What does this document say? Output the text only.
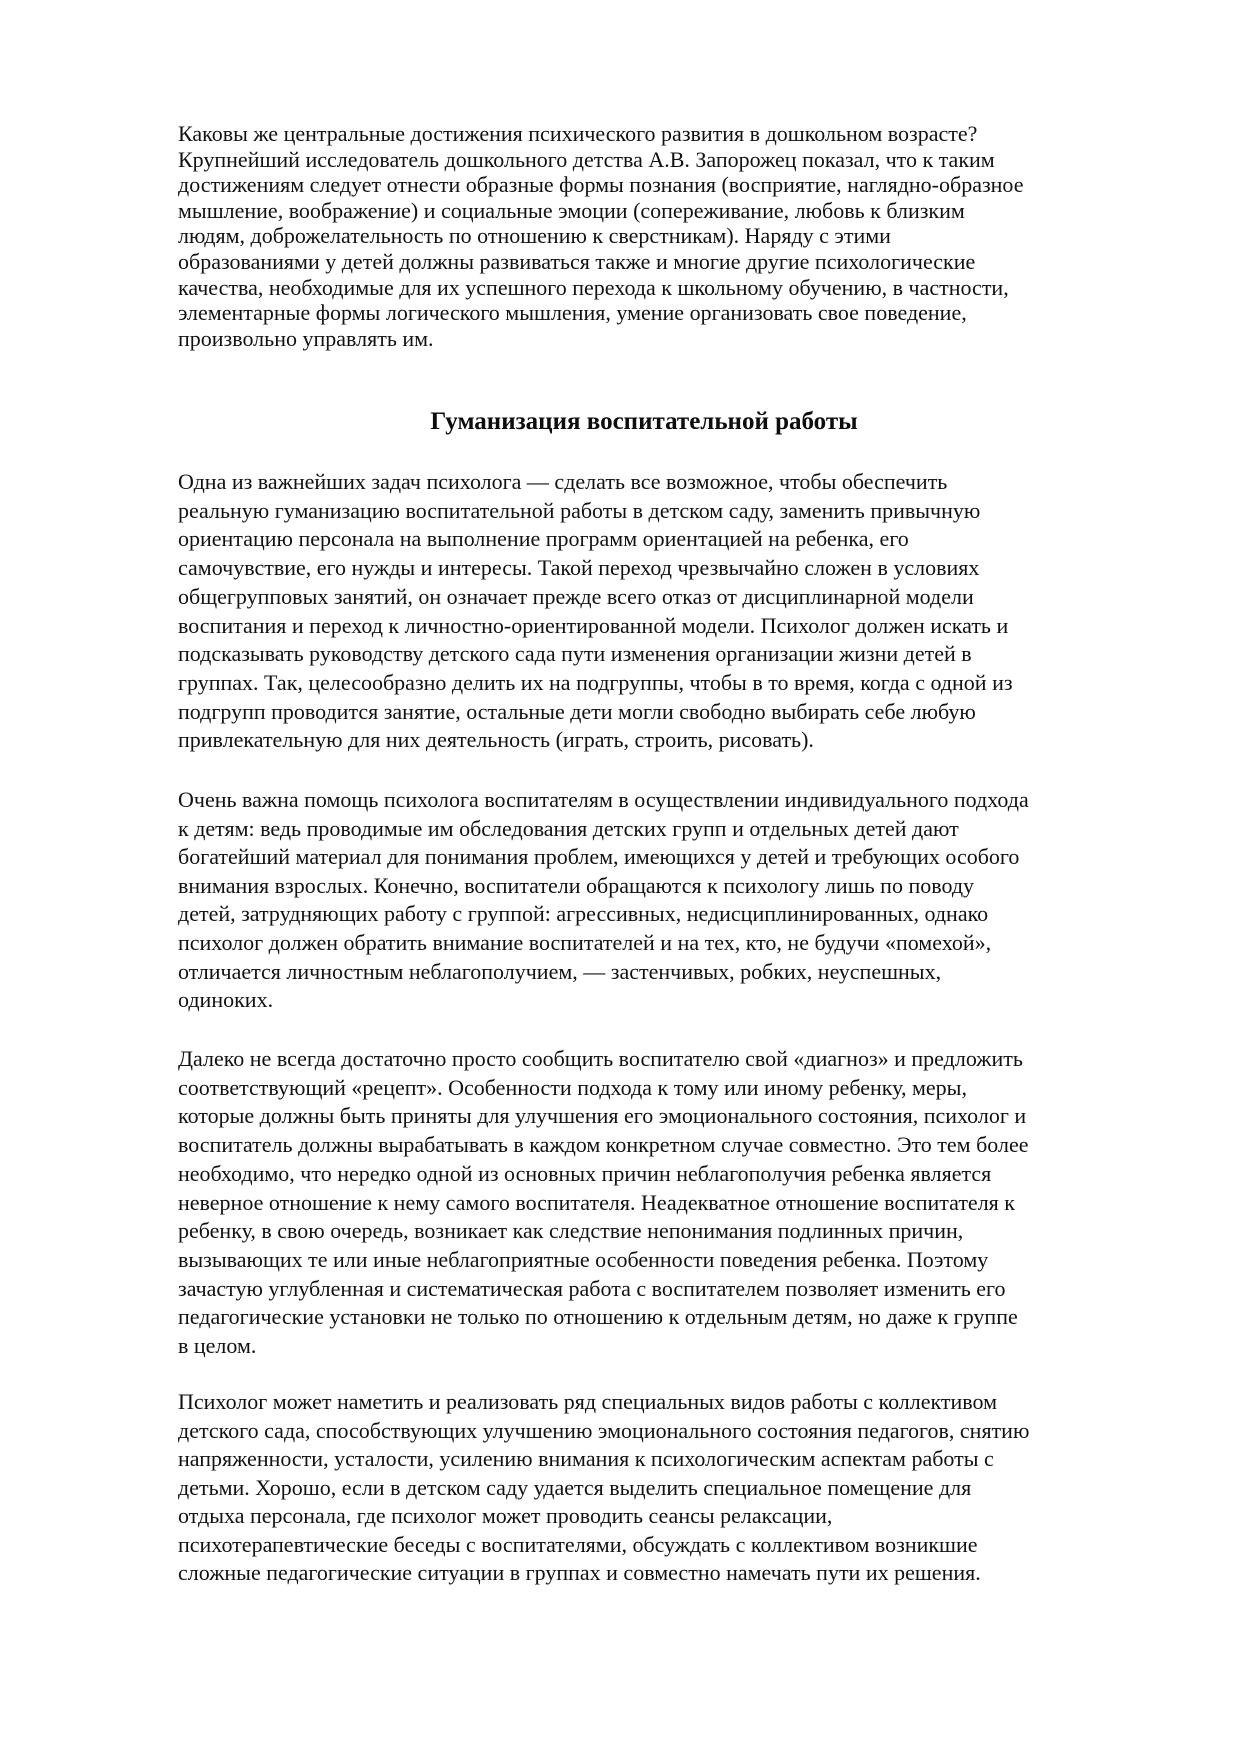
Каковы же центральные достижения психического развития в дошкольном возрасте?
Крупнейший исследователь дошкольного детства А.В. Запорожец показал, что к таким
достижениям следует отнести образные формы познания (восприятие, наглядно-образное
мышление, воображение) и социальные эмоции (сопереживание, любовь к близким
людям, доброжелательность по отношению к сверстникам). Наряду с этими
образованиями у детей должны развиваться также и многие другие психологические
качества, необходимые для их успешного перехода к школьному обучению, в частности,
элементарные формы логического мышления, умение организовать свое поведение,
произвольно управлять им.
Гуманизация воспитательной работы
Одна из важнейших задач психолога — сделать все возможное, чтобы обеспечить
реальную гуманизацию воспитательной работы в детском саду, заменить привычную
ориентацию персонала на выполнение программ ориентацией на ребенка, его
самочувствие, его нужды и интересы. Такой переход чрезвычайно сложен в условиях
общегрупповых занятий, он означает прежде всего отказ от дисциплинарной модели
воспитания и переход к личностно-ориентированной модели. Психолог должен искать и
подсказывать руководству детского сада пути изменения организации жизни детей в
группах. Так, целесообразно делить их на подгруппы, чтобы в то время, когда с одной из
подгрупп проводится занятие, остальные дети могли свободно выбирать себе любую
привлекательную для них деятельность (играть, строить, рисовать).
Очень важна помощь психолога воспитателям в осуществлении индивидуального подхода
к детям: ведь проводимые им обследования детских групп и отдельных детей дают
богатейший материал для понимания проблем, имеющихся у детей и требующих особого
внимания взрослых. Конечно, воспитатели обращаются к психологу лишь по поводу
детей, затрудняющих работу с группой: агрессивных, недисциплинированных, однако
психолог должен обратить внимание воспитателей и на тех, кто, не будучи «помехой»,
отличается личностным неблагополучием, — застенчивых, робких, неуспешных,
одиноких.
Далеко не всегда достаточно просто сообщить воспитателю свой «диагноз» и предложить
соответствующий «рецепт». Особенности подхода к тому или иному ребенку, меры,
которые должны быть приняты для улучшения его эмоционального состояния, психолог и
воспитатель должны вырабатывать в каждом конкретном случае совместно. Это тем более
необходимо, что нередко одной из основных причин неблагополучия ребенка является
неверное отношение к нему самого воспитателя. Неадекватное отношение воспитателя к
ребенку, в свою очередь, возникает как следствие непонимания подлинных причин,
вызывающих те или иные неблагоприятные особенности поведения ребенка. Поэтому
зачастую углубленная и систематическая работа с воспитателем позволяет изменить его
педагогические установки не только по отношению к отдельным детям, но даже к группе
в целом.
Психолог может наметить и реализовать ряд специальных видов работы с коллективом
детского сада, способствующих улучшению эмоционального состояния педагогов, снятию
напряженности, усталости, усилению внимания к психологическим аспектам работы с
детьми. Хорошо, если в детском саду удается выделить специальное помещение для
отдыха персонала, где психолог может проводить сеансы релаксации,
психотерапевтические беседы с воспитателями, обсуждать с коллективом возникшие
сложные педагогические ситуации в группах и совместно намечать пути их решения.
